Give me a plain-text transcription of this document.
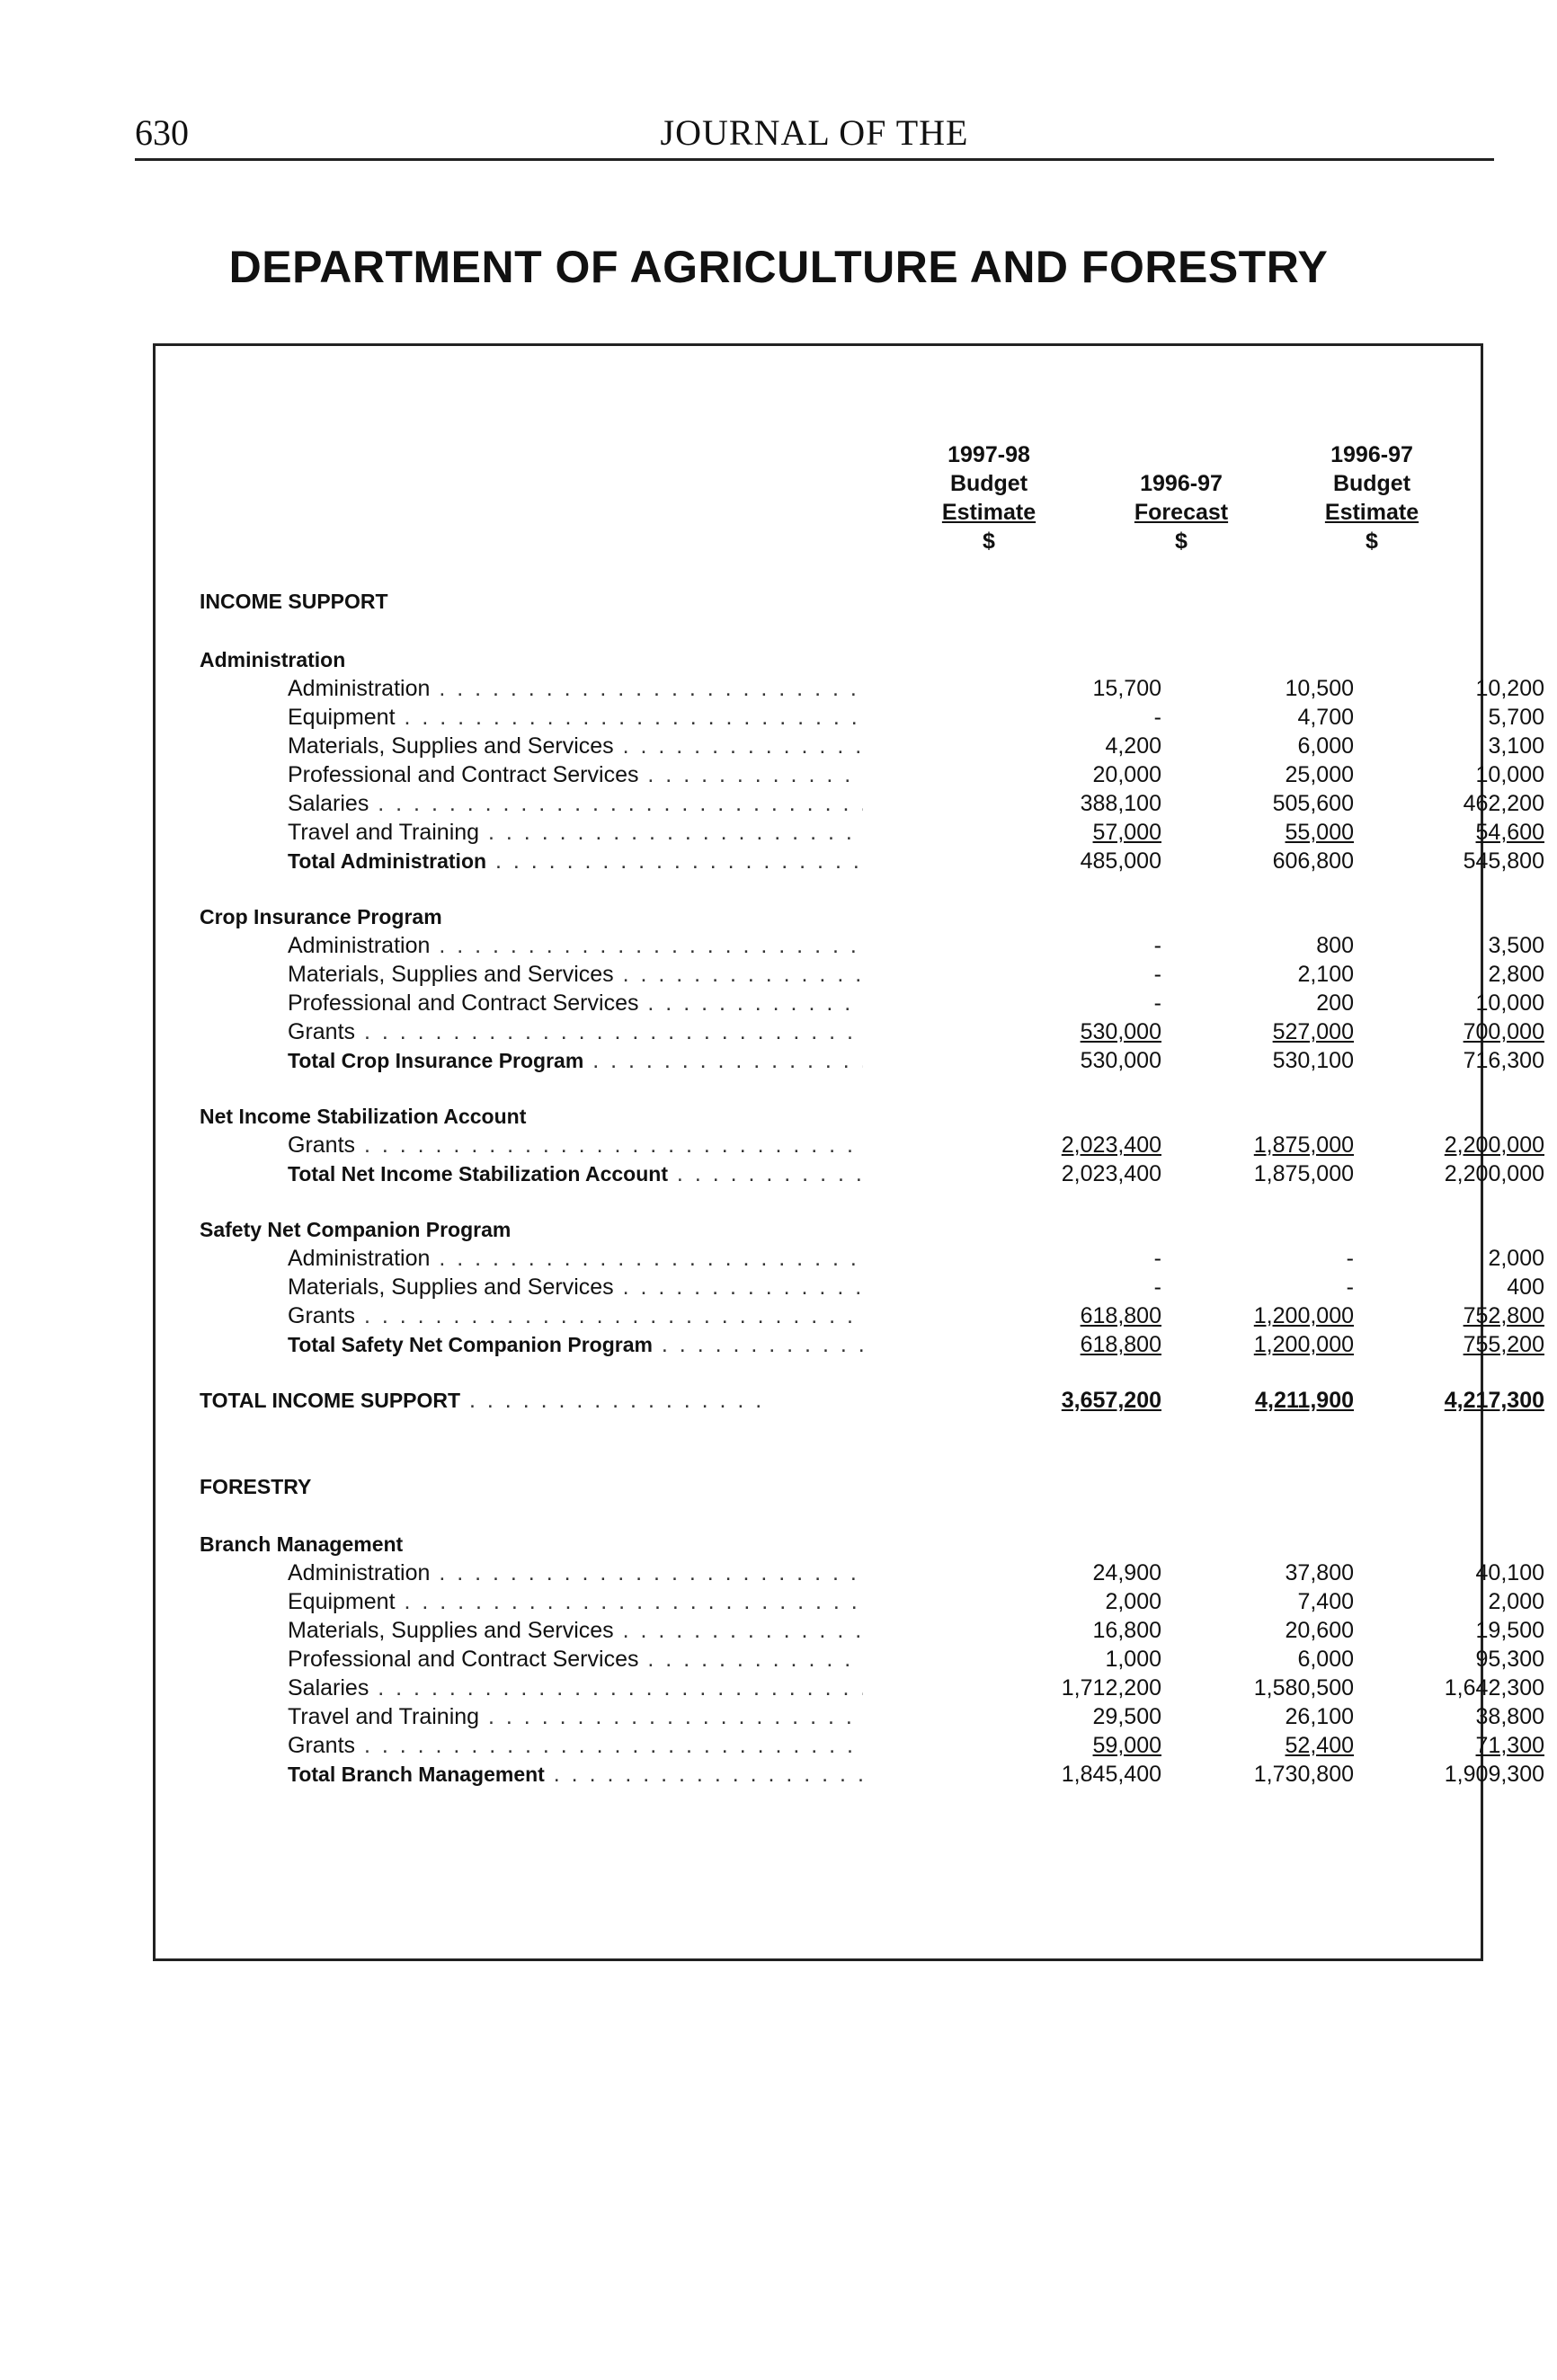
630	JOURNAL OF THE
DEPARTMENT OF AGRICULTURE AND FORESTRY
1997-98
Budget
Estimate
$
1996-97
Forecast
$
1996-97
Budget
Estimate
$
INCOME SUPPORT
Administration
Administration . . .	15,700	10,500	10,200
Equipment . . .	-	4,700	5,700
Materials, Supplies and Services . . .	4,200	6,000	3,100
Professional and Contract Services . . .	20,000	25,000	10,000
Salaries . . .	388,100	505,600	462,200
Travel and Training . . .	57,000	55,000	54,600
Total Administration . . .	485,000	606,800	545,800
Crop Insurance Program
Administration . . .	-	800	3,500
Materials, Supplies and Services . . .	-	2,100	2,800
Professional and Contract Services . . .	-	200	10,000
Grants . . .	530,000	527,000	700,000
Total Crop Insurance Program . . .	530,000	530,100	716,300
Net Income Stabilization Account
Grants . . .	2,023,400	1,875,000	2,200,000
Total Net Income Stabilization Account . . .	2,023,400	1,875,000	2,200,000
Safety Net Companion Program
Administration . . .	-	-	2,000
Materials, Supplies and Services . . .	-	-	400
Grants . . .	618,800	1,200,000	752,800
Total Safety Net Companion Program . . .	618,800	1,200,000	755,200
TOTAL INCOME SUPPORT . . .	3,657,200	4,211,900	4,217,300
FORESTRY
Branch Management
Administration . . .	24,900	37,800	40,100
Equipment . . .	2,000	7,400	2,000
Materials, Supplies and Services . . .	16,800	20,600	19,500
Professional and Contract Services . . .	1,000	6,000	95,300
Salaries . . .	1,712,200	1,580,500	1,642,300
Travel and Training . . .	29,500	26,100	38,800
Grants . . .	59,000	52,400	71,300
Total Branch Management . . .	1,845,400	1,730,800	1,909,300
